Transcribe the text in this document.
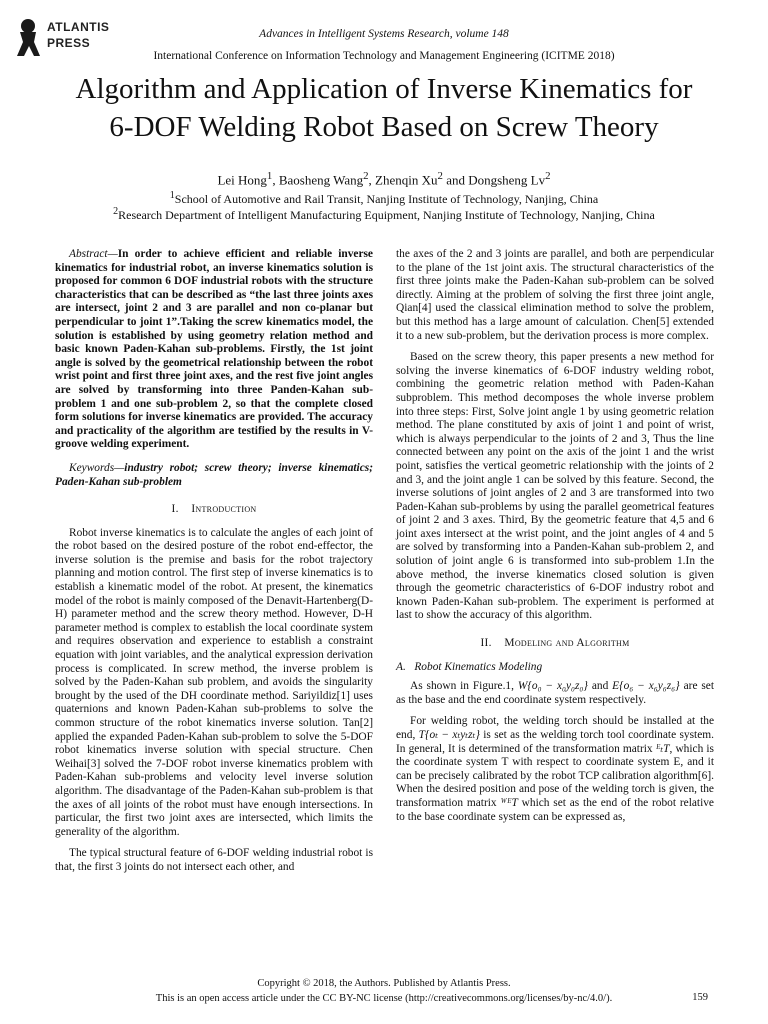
ATLANTIS
PRESS
Advances in Intelligent Systems Research, volume 148
International Conference on Information Technology and Management Engineering (ICITME 2018)
Algorithm and Application of Inverse Kinematics for
6-DOF Welding Robot Based on Screw Theory
Lei Hong$^1$, Baosheng Wang$^2$, Zhenqin Xu$^2$ and Dongsheng Lv$^2$
$^1$School of Automotive and Rail Transit, Nanjing Institute of Technology, Nanjing, China
$^2$Research Department of Intelligent Manufacturing Equipment, Nanjing Institute of Technology, Nanjing, China

Abstract—In order to achieve efficient and reliable inverse kinematics for industrial robot, an inverse kinematics solution is proposed for common 6 DOF industrial robots with the structure characteristics that can be described as “the last three joints axes are intersect, joint 2 and 3 are parallel and non co-planar but perpendicular to joint 1”.Taking the screw kinematics model, the solution is established by using geometry relation method and basic known Paden-Kahan sub-problems. Firstly, the 1st joint angle is solved by the geometrical relationship between the robot wrist point and first three joint axes, and the rest five joint angles are solved by transforming into three Panden-Kahan sub-problem 1 and one sub-problem 2, so that the complete closed form solutions for inverse kinematics are provided. The accuracy and practicality of the algorithm are testified by the results in V-groove welding experiment.

Keywords—industry robot; screw theory; inverse kinematics; Paden-Kahan sub-problem

I. Introduction

Robot inverse kinematics is to calculate the angles of each joint of the robot based on the desired posture of the robot end-effector, the inverse solution is the premise and basis for the robot trajectory planning and motion control. The first step of inverse kinematics is to establish a kinematic model of the robot. At present, the kinematics model of the robot is mainly composed of the Denavit-Hartenberg(D-H) parameter method and the screw theory method. However, D-H parameter method is complex to establish the local coordinate system and requires observation and experience to establish a constraint equation with joint variables, and the analytical expression derivation process is complicated. In screw method, the inverse problem is solved by the Paden-Kahan sub problem, and avoids the singularity brought by the used of the DH coordinate method. Sariyildiz[1] uses quaternions and known Paden-Kahan sub-problems to solve the common structure of the robot kinematics inverse solution. Tan[2] applied the expanded Paden-Kahan sub-problem to solve the 5-DOF robot kinematics inverse solution with special structure. Chen Weihai[3] solved the 7-DOF robot inverse kinematics problem with Paden-Kahan sub-problems and velocity level inverse solution algorithm. The disadvantage of the Paden-Kahan sub-problem is that the axes of all joints of the robot must have enough intersections. In particular, the first two joint axes are intersected, which limits the generality of the algorithm.

The typical structural feature of 6-DOF welding industrial robot is that, the first 3 joints do not intersect each other, and

the axes of the 2 and 3 joints are parallel, and both are perpendicular to the plane of the 1st joint axis. The structural characteristics of the first three joints make the Paden-Kahan sub-problem can be solved directly. Aiming at the problem of solving the first three joint angle, Qian[4] used the classical elimination method to solve the problem, but this method has a large amount of calculation. Chen[5] extended it to a new sub-problem, but the derivation process is more complex.

Based on the screw theory, this paper presents a new method for solving the inverse kinematics of 6-DOF industry welding robot, combining the geometric relation method with Paden-Kahan subproblem. This method decomposes the whole inverse problem into three steps: First, Solve joint angle 1 by using geometric relation method. The plane constituted by axis of joint 1 and point of wrist, which is always perpendicular to the joints of 2 and 3, Thus the line connected between any point on the axis of the joint 1 and the wrist point, satisfies the vertical geometric relationship with the joints of 2 and 3, and the joint angle 1 can be solved by this feature. Second, the inverse solutions of joint angles of 2 and 3 are transformed into two Paden-Kahan sub-problems by using the parallel geometrical features of joint 2 and 3 axes. Third, By the geometric feature that 4,5 and 6 joint axes intersect at the wrist point, and the joint angles of 4 and 5 are solved by transforming into a Panden-Kahan sub-problem 2, and solution of joint angle 6 is transformed into sub-problem 1.In the above method, the inverse kinematics closed solution is given through the geometric characteristics of 6-DOF industry robot and known Paden-Kahan sub-problem. The experiment is performed at last to show the accuracy of this algorithm.

II. Modeling and Algorithm

A.   Robot Kinematics Modeling

As shown in Figure.1, W{o₀ − x₀y₀z₀} and E{o₆ − x₆y₆z₆} are set as the base and the end coordinate system respectively.

For welding robot, the welding torch should be installed at the end, T{oₜ − xₜyₜzₜ} is set as the welding torch tool coordinate system. In general, It is determined of the transformation matrix ᴱₜT, which is the coordinate system T with respect to coordinate system E, and it can be precisely calibrated by the robot TCP calibration algorithm[6]. When the desired position and pose of the welding torch is given, the transformation matrix ᵂᴱT which set as the end of the robot relative to the base coordinate system can be expressed as,

Copyright © 2018, the Authors. Published by Atlantis Press.
This is an open access article under the CC BY-NC license (http://creativecommons.org/licenses/by-nc/4.0/).	159
